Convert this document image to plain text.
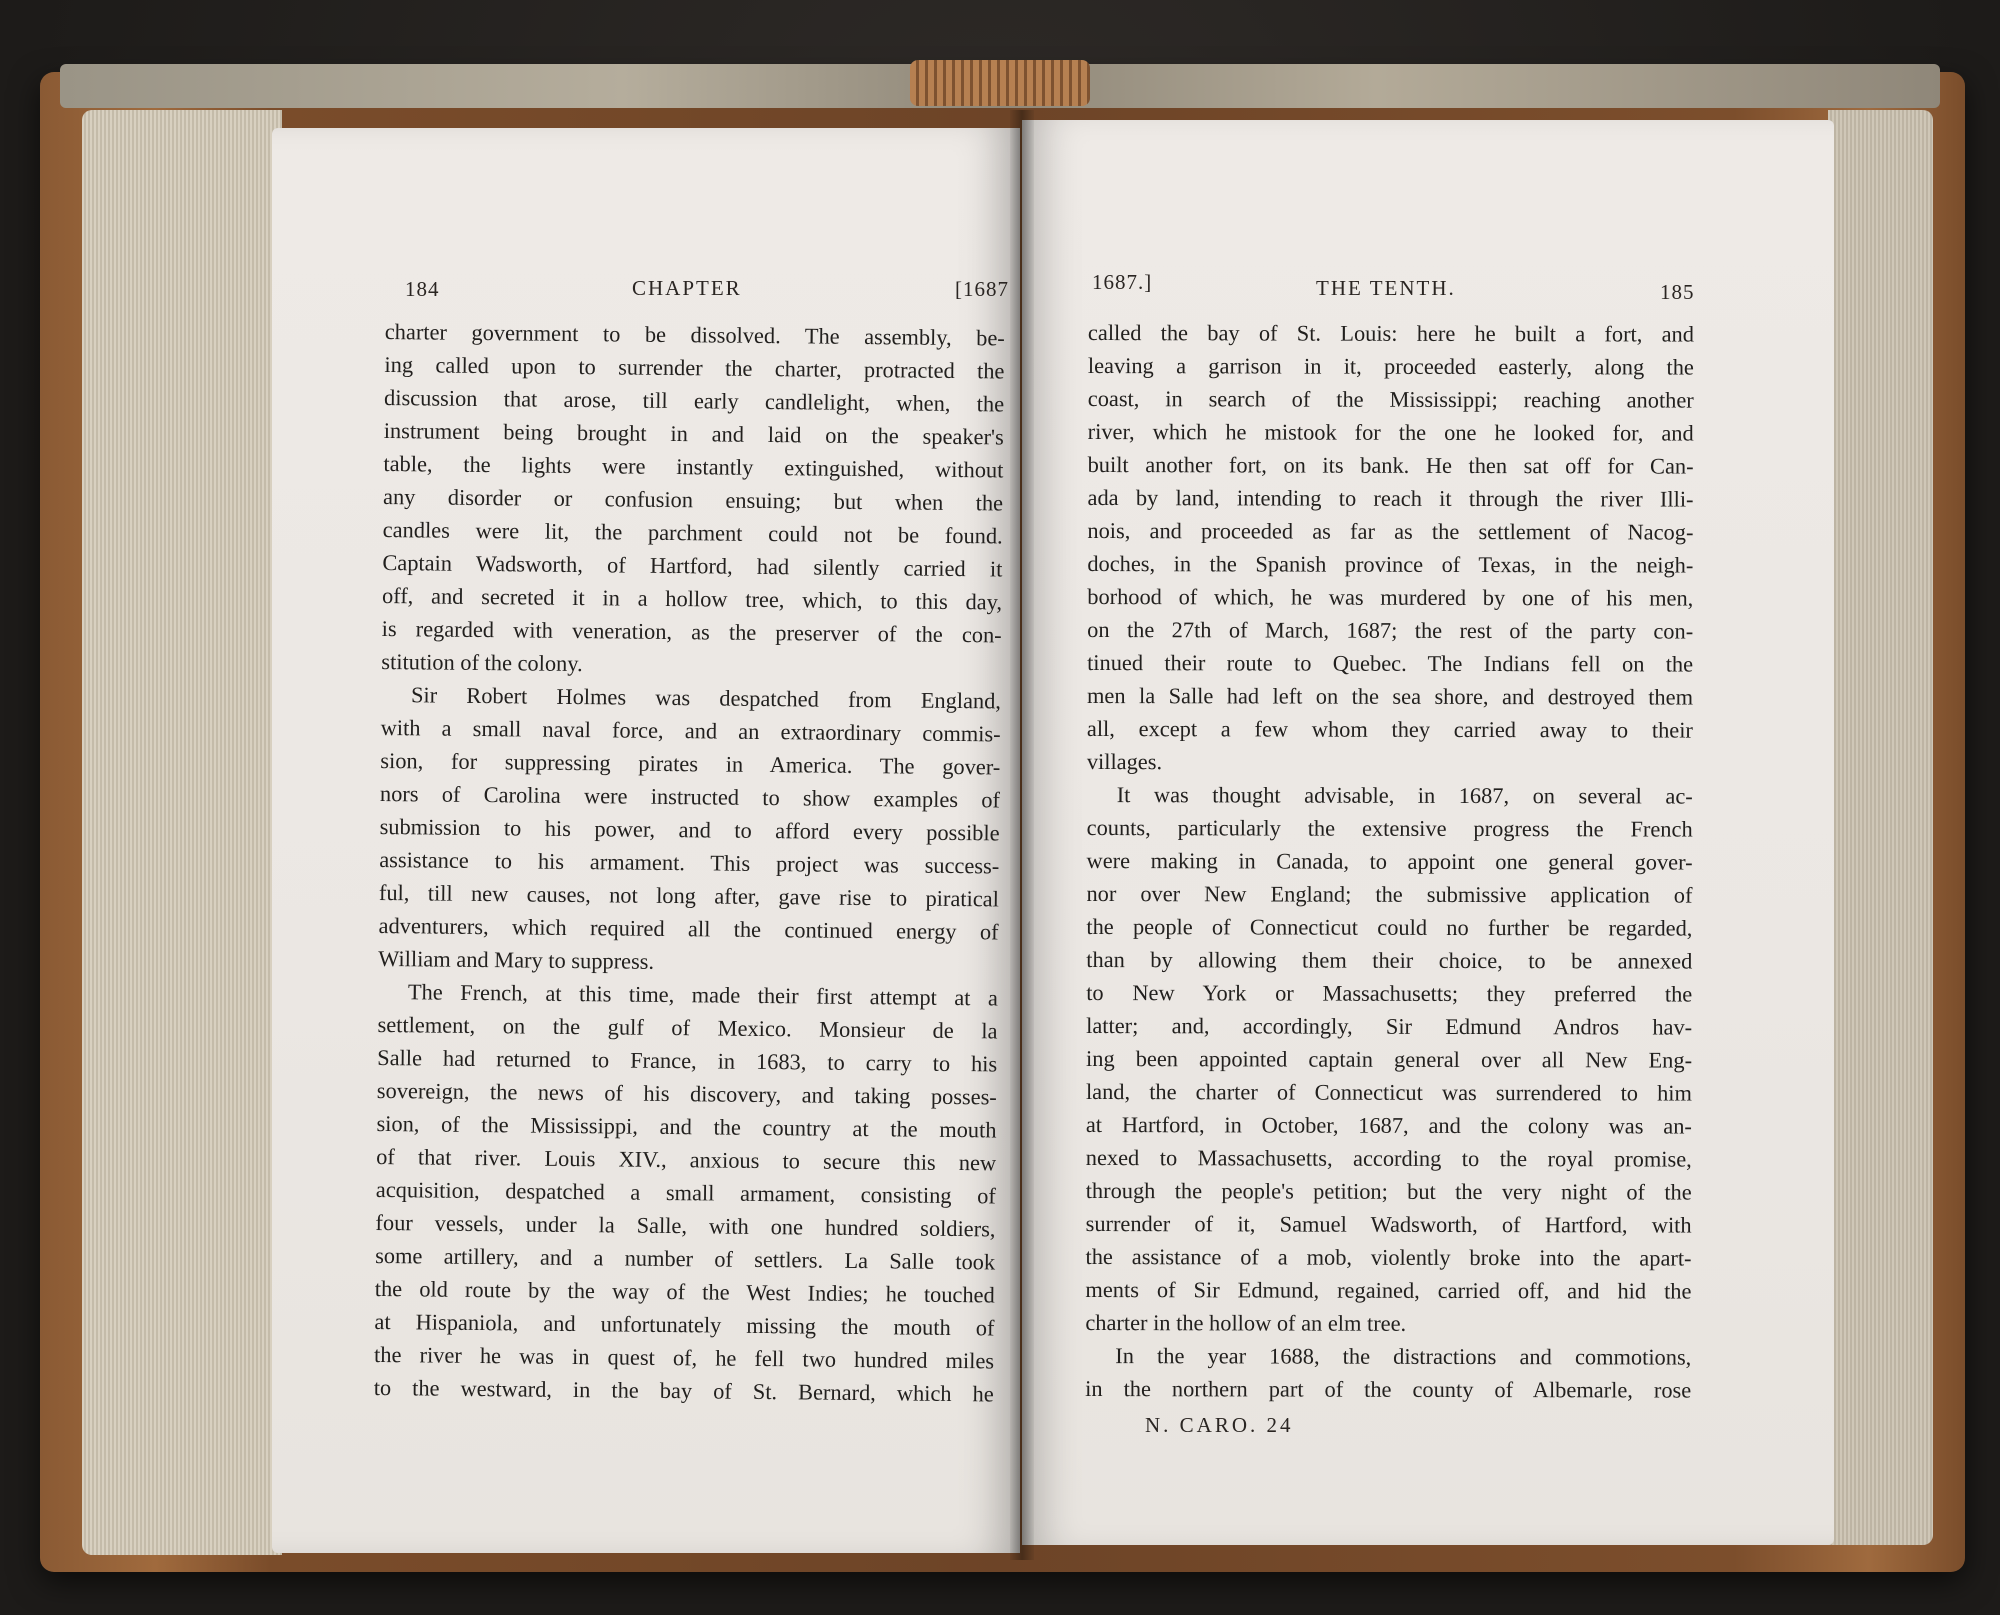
184	CHAPTER	[1687	1687.]	THE TENTH.	185
charter government to be dissolved. The assembly, be-
ing called upon to surrender the charter, protracted the
discussion that arose, till early candlelight, when, the
instrument being brought in and laid on the speaker's
table, the lights were instantly extinguished, without
any disorder or confusion ensuing; but when the
candles were lit, the parchment could not be found.
Captain Wadsworth, of Hartford, had silently carried it
off, and secreted it in a hollow tree, which, to this day,
is regarded with veneration, as the preserver of the con-
stitution of the colony.
Sir Robert Holmes was despatched from England,
with a small naval force, and an extraordinary commis-
sion, for suppressing pirates in America. The gover-
nors of Carolina were instructed to show examples of
submission to his power, and to afford every possible
assistance to his armament. This project was success-
ful, till new causes, not long after, gave rise to piratical
adventurers, which required all the continued energy of
William and Mary to suppress.
The French, at this time, made their first attempt at a
settlement, on the gulf of Mexico. Monsieur de la
Salle had returned to France, in 1683, to carry to his
sovereign, the news of his discovery, and taking posses-
sion, of the Mississippi, and the country at the mouth
of that river. Louis XIV., anxious to secure this new
acquisition, despatched a small armament, consisting of
four vessels, under la Salle, with one hundred soldiers,
some artillery, and a number of settlers. La Salle took
the old route by the way of the West Indies; he touched
at Hispaniola, and unfortunately missing the mouth of
the river he was in quest of, he fell two hundred miles
to the westward, in the bay of St. Bernard, which he
called the bay of St. Louis: here he built a fort, and
leaving a garrison in it, proceeded easterly, along the
coast, in search of the Mississippi; reaching another
river, which he mistook for the one he looked for, and
built another fort, on its bank. He then sat off for Can-
ada by land, intending to reach it through the river Illi-
nois, and proceeded as far as the settlement of Nacog-
doches, in the Spanish province of Texas, in the neigh-
borhood of which, he was murdered by one of his men,
on the 27th of March, 1687; the rest of the party con-
tinued their route to Quebec. The Indians fell on the
men la Salle had left on the sea shore, and destroyed them
all, except a few whom they carried away to their
villages.
It was thought advisable, in 1687, on several ac-
counts, particularly the extensive progress the French
were making in Canada, to appoint one general gover-
nor over New England; the submissive application of
the people of Connecticut could no further be regarded,
than by allowing them their choice, to be annexed
to New York or Massachusetts; they preferred the
latter; and, accordingly, Sir Edmund Andros hav-
ing been appointed captain general over all New Eng-
land, the charter of Connecticut was surrendered to him
at Hartford, in October, 1687, and the colony was an-
nexed to Massachusetts, according to the royal promise,
through the people's petition; but the very night of the
surrender of it, Samuel Wadsworth, of Hartford, with
the assistance of a mob, violently broke into the apart-
ments of Sir Edmund, regained, carried off, and hid the
charter in the hollow of an elm tree.
In the year 1688, the distractions and commotions,
in the northern part of the county of Albemarle, rose
N. CARO. 24
